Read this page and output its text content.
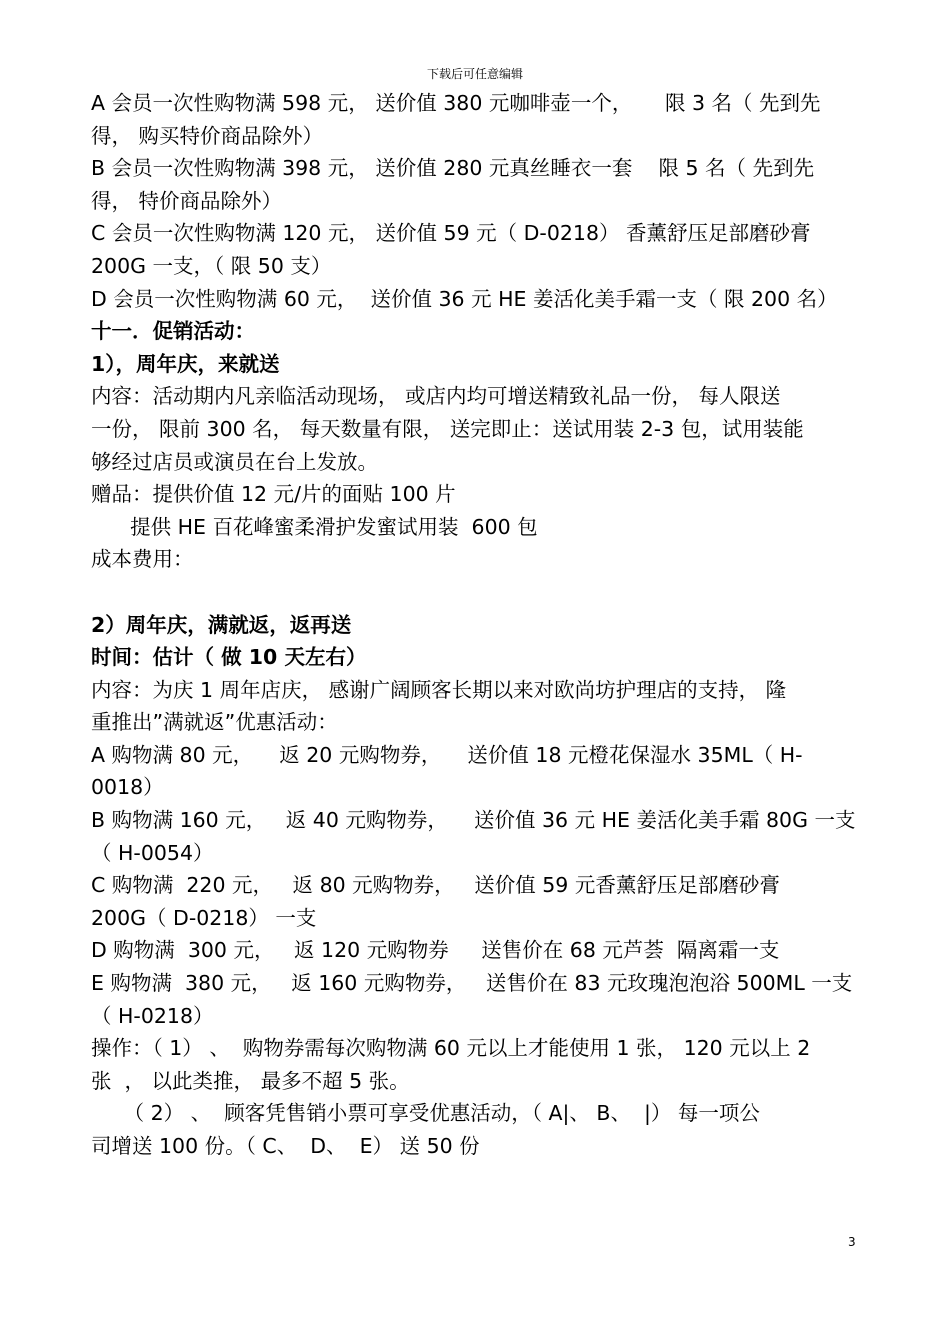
下载后可任意编辑
A 会员一次性购物满 598 元， 送价值 380 元咖啡壶一个，     限 3 名（ 先到先
得， 购买特价商品除外）
B 会员一次性购物满 398 元， 送价值 280 元真丝睡衣一套    限 5 名（ 先到先
得， 特价商品除外）
C 会员一次性购物满 120 元， 送价值 59 元（ D-0218） 香薰舒压足部磨砂膏
200G 一支，（ 限 50 支）
D 会员一次性购物满 60 元，  送价值 36 元 HE 姜活化美手霜一支（ 限 200 名）
十一．促销活动：
1），周年庆，来就送
内容：活动期内凡亲临活动现场， 或店内均可增送精致礼品一份， 每人限送
一份， 限前 300 名， 每天数量有限， 送完即止：送试用装 2-3 包，试用装能
够经过店员或演员在台上发放。
赠品：提供价值 12 元/片的面贴 100 片
提供 HE 百花峰蜜柔滑护发蜜试用装  600 包
成本费用：
2）周年庆，满就返，返再送
时间：估计（ 做 10 天左右）
内容：为庆 1 周年店庆， 感谢广阔顾客长期以来对欧尚坊护理店的支持， 隆
重推出”满就返”优惠活动：
A 购物满 80 元，    返 20 元购物券，    送价值 18 元橙花保湿水 35ML（ H-
0018）
B 购物满 160 元，   返 40 元购物券，    送价值 36 元 HE 姜活化美手霜 80G 一支
（ H-0054）
C 购物满  220 元，   返 80 元购物券，   送价值 59 元香薰舒压足部磨砂膏
200G（ D-0218） 一支
D 购物满  300 元，   返 120 元购物券     送售价在 68 元芦荟  隔离霜一支
E 购物满  380 元，   返 160 元购物券，   送售价在 83 元玫瑰泡泡浴 500ML 一支
（ H-0218）
操作：（ 1） 、  购物券需每次购物满 60 元以上才能使用 1 张， 120 元以上 2
张  ， 以此类推， 最多不超 5 张。
（ 2） 、  顾客凭售销小票可享受优惠活动，（ A|、 B、  |） 每一项公
司增送 100 份。（ C、  D、  E） 送 50 份
3
